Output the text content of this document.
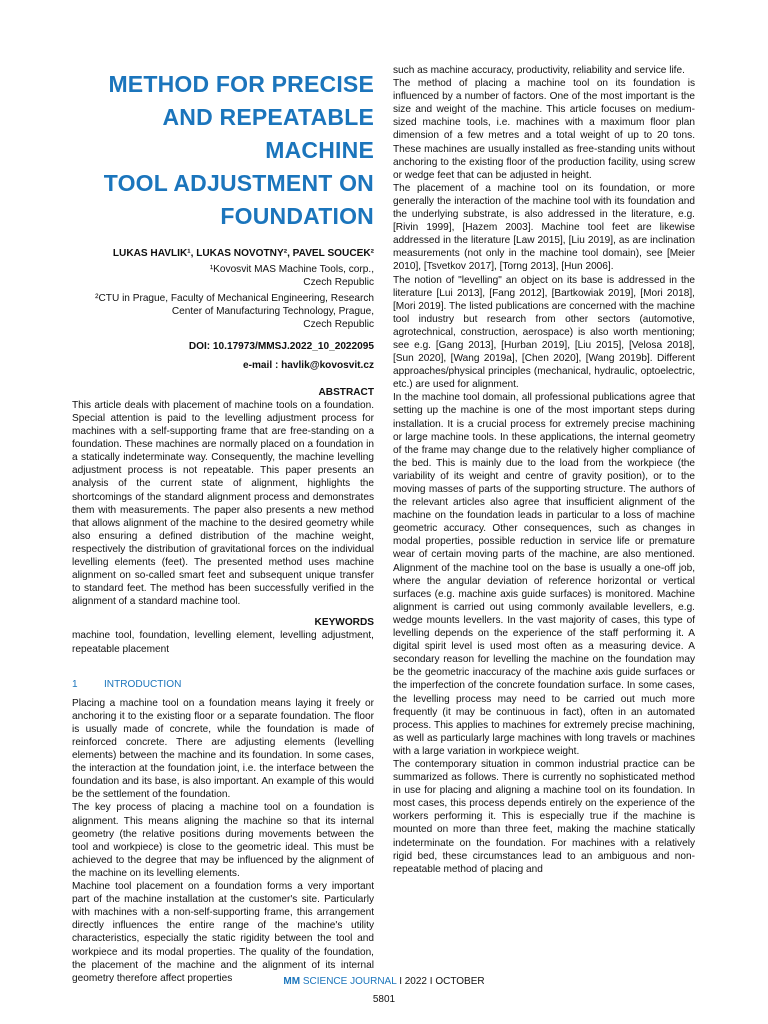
METHOD FOR PRECISE
AND REPEATABLE MACHINE
TOOL ADJUSTMENT ON
FOUNDATION
LUKAS HAVLIK¹, LUKAS NOVOTNY², PAVEL SOUCEK²
¹Kovosvit MAS Machine Tools, corp.,
Czech Republic
²CTU in Prague, Faculty of Mechanical Engineering, Research
Center of Manufacturing Technology, Prague,
Czech Republic
DOI: 10.17973/MMSJ.2022_10_2022095
e-mail : havlik@kovosvit.cz
ABSTRACT

This article deals with placement of machine tools on a foundation. Special attention is paid to the levelling adjustment process for machines with a self-supporting frame that are free-standing on a foundation. These machines are normally placed on a foundation in a statically indeterminate way. Consequently, the machine levelling adjustment process is not repeatable. This paper presents an analysis of the current state of alignment, highlights the shortcomings of the standard alignment process and demonstrates them with measurements. The paper also presents a new method that allows alignment of the machine to the desired geometry while also ensuring a defined distribution of the machine weight, respectively the distribution of gravitational forces on the individual levelling elements (feet). The presented method uses machine alignment on so-called smart feet and subsequent unique transfer to standard feet. The method has been successfully verified in the alignment of a standard machine tool.

KEYWORDS

machine tool, foundation, levelling element, levelling adjustment, repeatable placement

1	INTRODUCTION

Placing a machine tool on a foundation means laying it freely or anchoring it to the existing floor or a separate foundation. The floor is usually made of concrete, while the foundation is made of reinforced concrete. There are adjusting elements (levelling elements) between the machine and its foundation. In some cases, the interaction at the foundation joint, i.e. the interface between the foundation and its base, is also important. An example of this would be the settlement of the foundation.

The key process of placing a machine tool on a foundation is alignment. This means aligning the machine so that its internal geometry (the relative positions during movements between the tool and workpiece) is close to the geometric ideal. This must be achieved to the degree that may be influenced by the alignment of the machine on its levelling elements.

Machine tool placement on a foundation forms a very important part of the machine installation at the customer's site. Particularly with machines with a non-self-supporting frame, this arrangement directly influences the entire range of the machine's utility characteristics, especially the static rigidity between the tool and workpiece and its modal properties. The quality of the foundation, the placement of the machine and the alignment of its internal geometry therefore affect properties

such as machine accuracy, productivity, reliability and service life.

The method of placing a machine tool on its foundation is influenced by a number of factors. One of the most important is the size and weight of the machine. This article focuses on medium-sized machine tools, i.e. machines with a maximum floor plan dimension of a few metres and a total weight of up to 20 tons. These machines are usually installed as free-standing units without anchoring to the existing floor of the production facility, using screw or wedge feet that can be adjusted in height.

The placement of a machine tool on its foundation, or more generally the interaction of the machine tool with its foundation and the underlying substrate, is also addressed in the literature, e.g. [Rivin 1999], [Hazem 2003]. Machine tool feet are likewise addressed in the literature [Law 2015], [Liu 2019], as are inclination measurements (not only in the machine tool domain), see [Meier 2010], [Tsvetkov 2017], [Torng 2013], [Hun 2006].

The notion of "levelling" an object on its base is addressed in the literature [Lui 2013], [Fang 2012], [Bartkowiak 2019], [Mori 2018], [Mori 2019]. The listed publications are concerned with the machine tool industry but research from other sectors (automotive, agrotechnical, construction, aerospace) is also worth mentioning; see e.g. [Gang 2013], [Hurban 2019], [Liu 2015], [Velosa 2018], [Sun 2020], [Wang 2019a], [Chen 2020], [Wang 2019b]. Different approaches/physical principles (mechanical, hydraulic, optoelectric, etc.) are used for alignment.

In the machine tool domain, all professional publications agree that setting up the machine is one of the most important steps during installation. It is a crucial process for extremely precise machining or large machine tools. In these applications, the internal geometry of the frame may change due to the relatively higher compliance of the bed. This is mainly due to the load from the workpiece (the variability of its weight and centre of gravity position), or to the moving masses of parts of the supporting structure. The authors of the relevant articles also agree that insufficient alignment of the machine on the foundation leads in particular to a loss of machine geometric accuracy. Other consequences, such as changes in modal properties, possible reduction in service life or premature wear of certain moving parts of the machine, are also mentioned. Alignment of the machine tool on the base is usually a one-off job, where the angular deviation of reference horizontal or vertical surfaces (e.g. machine axis guide surfaces) is monitored. Machine alignment is carried out using commonly available levellers, e.g. wedge mounts levellers. In the vast majority of cases, this type of levelling depends on the experience of the staff performing it. A digital spirit level is used most often as a measuring device. A secondary reason for levelling the machine on the foundation may be the geometric inaccuracy of the machine axis guide surfaces or the imperfection of the concrete foundation surface. In some cases, the levelling process may need to be carried out much more frequently (it may be continuous in fact), often in an automated process. This applies to machines for extremely precise machining, as well as particularly large machines with long travels or machines with a large variation in workpiece weight.

The contemporary situation in common industrial practice can be summarized as follows. There is currently no sophisticated method in use for placing and aligning a machine tool on its foundation. In most cases, this process depends entirely on the experience of the workers performing it. This is especially true if the machine is mounted on more than three feet, making the machine statically indeterminate on the foundation. For machines with a relatively rigid bed, these circumstances lead to an ambiguous and non-repeatable method of placing and

MM SCIENCE JOURNAL I 2022 I OCTOBER
5801
